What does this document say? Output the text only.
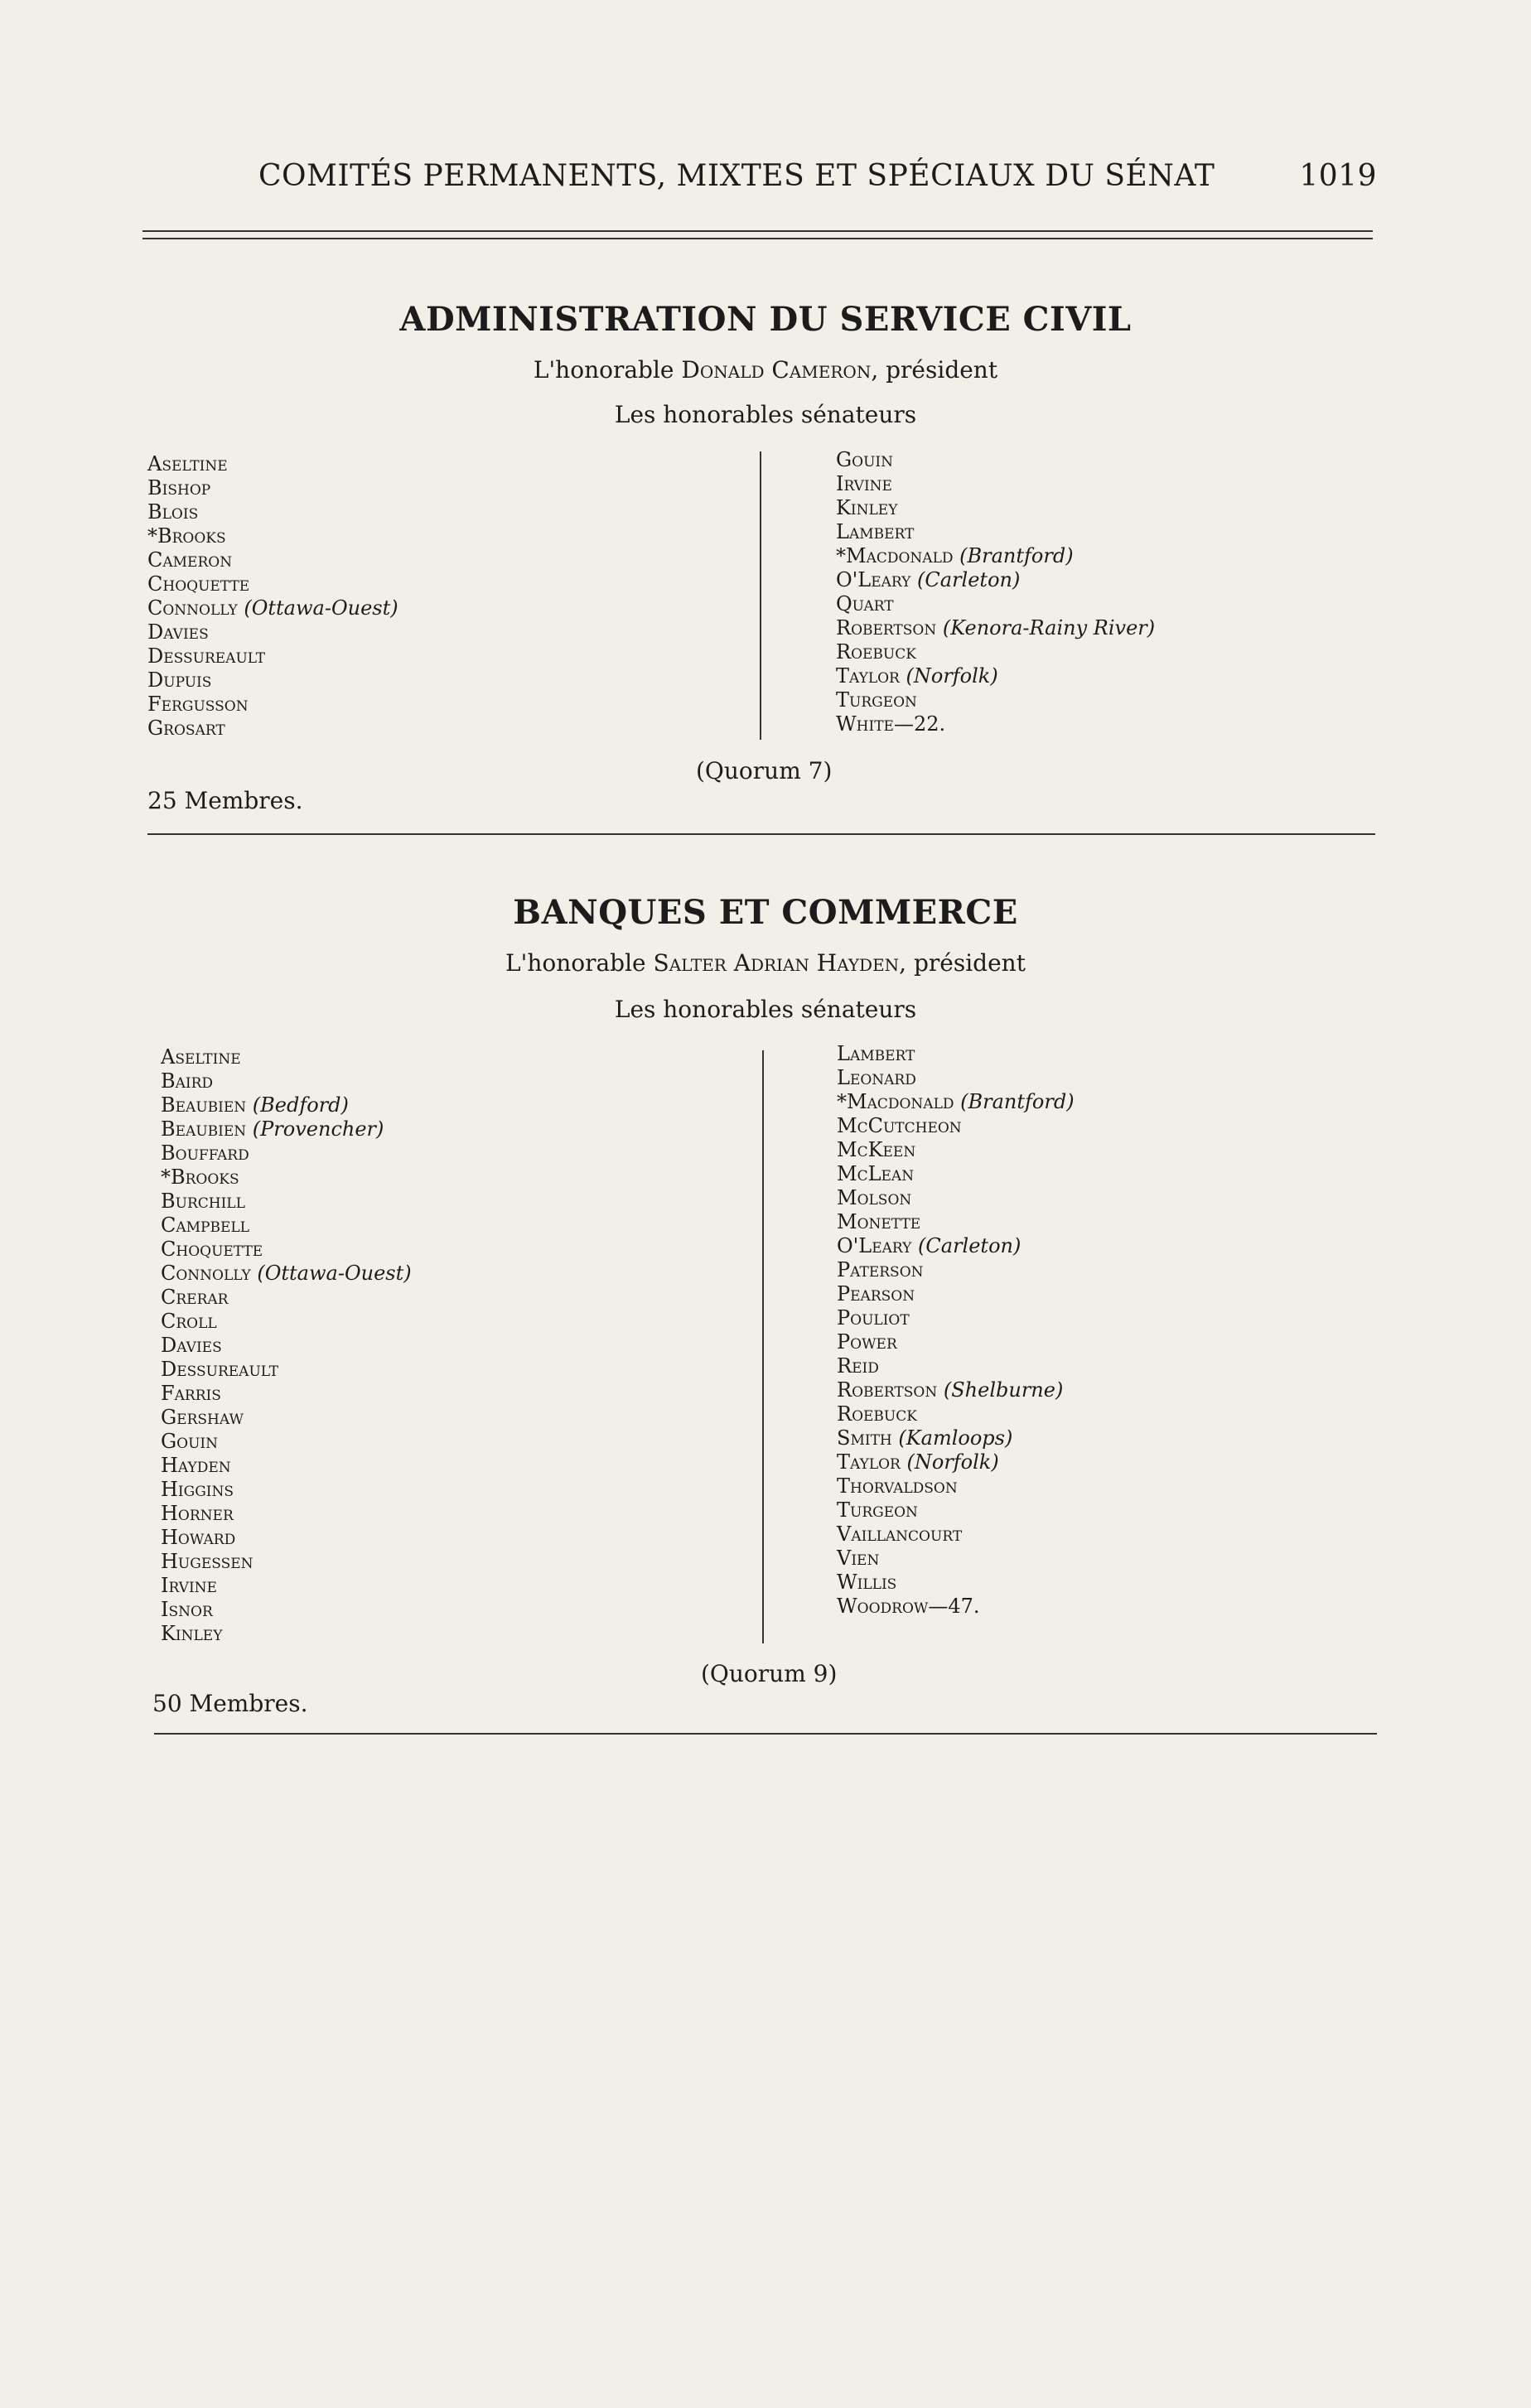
COMITÉS PERMANENTS, MIXTES ET SPÉCIAUX DU SÉNAT	1019
ADMINISTRATION DU SERVICE CIVIL
L'honorable Donald Cameron, président
Les honorables sénateurs
Aseltine
Bishop
Blois
*Brooks
Cameron
Choquette
Connolly (Ottawa-Ouest)
Davies
Dessureault
Dupuis
Fergusson
Grosart
Gouin
Irvine
Kinley
Lambert
*Macdonald (Brantford)
O'Leary (Carleton)
Quart
Robertson (Kenora-Rainy River)
Roebuck
Taylor (Norfolk)
Turgeon
White—22.
(Quorum 7)
25 Membres.
BANQUES ET COMMERCE
L'honorable Salter Adrian Hayden, président
Les honorables sénateurs
Aseltine
Baird
Beaubien (Bedford)
Beaubien (Provencher)
Bouffard
*Brooks
Burchill
Campbell
Choquette
Connolly (Ottawa-Ouest)
Crerar
Croll
Davies
Dessureault
Farris
Gershaw
Gouin
Hayden
Higgins
Horner
Howard
Hugessen
Irvine
Isnor
Kinley
Lambert
Leonard
*Macdonald (Brantford)
McCutcheon
McKeen
McLean
Molson
Monette
O'Leary (Carleton)
Paterson
Pearson
Pouliot
Power
Reid
Robertson (Shelburne)
Roebuck
Smith (Kamloops)
Taylor (Norfolk)
Thorvaldson
Turgeon
Vaillancourt
Vien
Willis
Woodrow—47.
(Quorum 9)
50 Membres.
